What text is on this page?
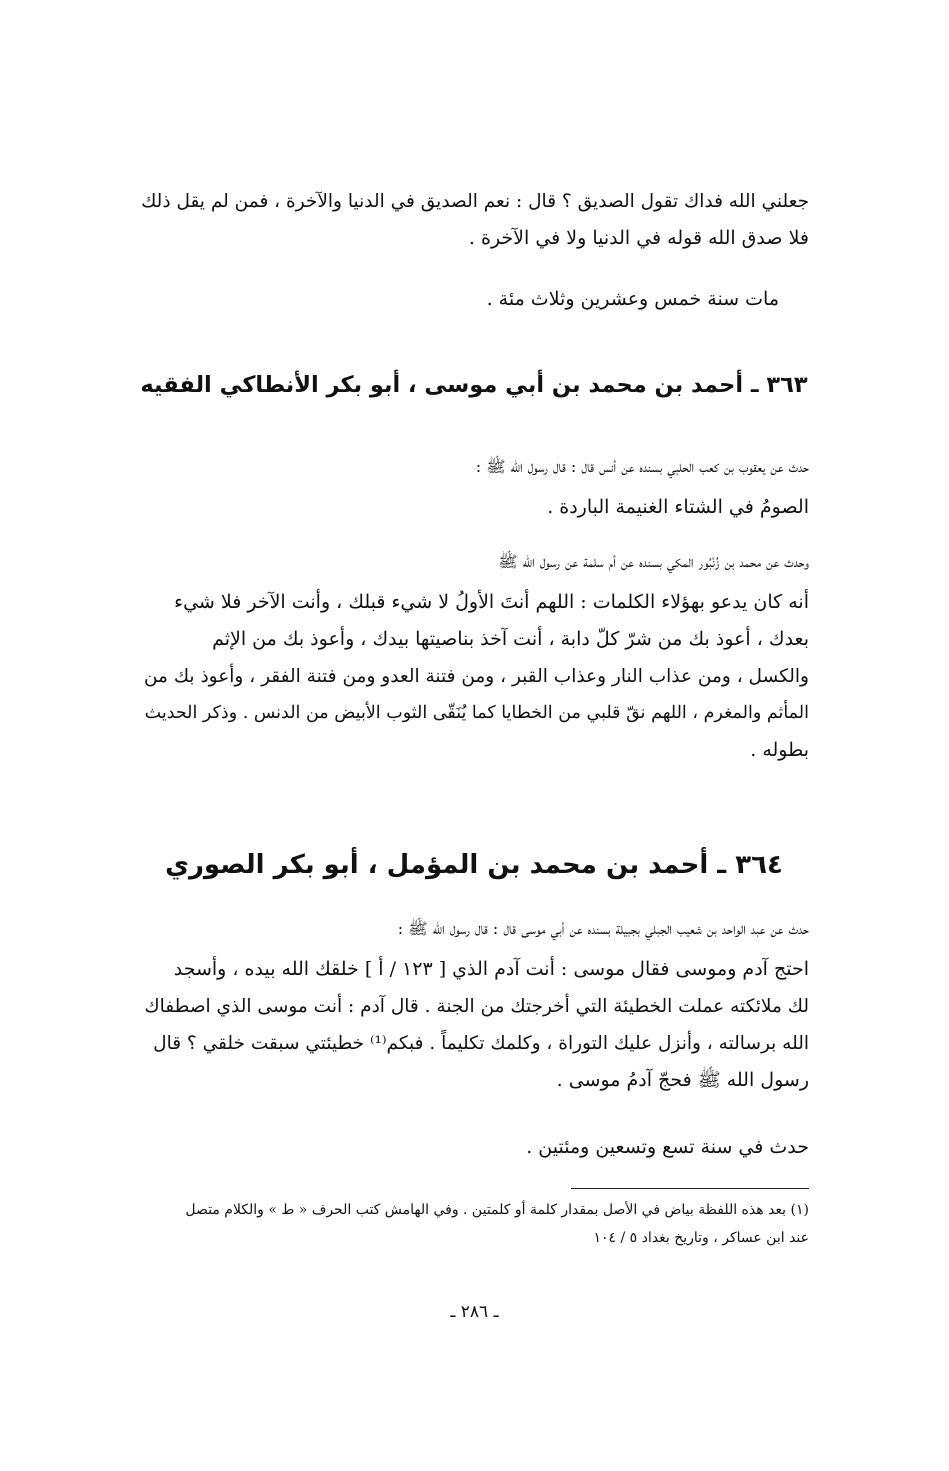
جعلني الله فداك تقول الصديق ؟ قال : نعم الصديق في الدنيا والآخرة ، فمن لم يقل ذلك

فلا صدق الله قوله في الدنيا ولا في الآخرة .

مات سنة خمس وعشرين وثلاث مئة .

٣٦٣ ـ أحمد بن محمد بن أبي موسى ، أبو بكر الأنطاكي الفقيه

حدث عن يعقوب بن كعب الحلبي بسنده عن أنس قال : قال رسول الله ﷺ :

الصومُ في الشتاء الغنيمة الباردة .

وحدث عن محمد بن زُنْبُور المكي بسنده عن أم سلمة عن رسول الله ﷺ

أنه كان يدعو بهؤلاء الكلمات : اللهم أنتَ الأولُ لا شيء قبلك ، وأنت الآخر فلا شيء

بعدك ، أعوذ بك من شرّ كلّ دابة ، أنت آخذ بناصيتها بيدك ، وأعوذ بك من الإثم

والكسل ، ومن عذاب النار وعذاب القبر ، ومن فتنة العدو ومن فتنة الفقر ، وأعوذ بك من

المأثم والمغرم ، اللهم نقّ قلبي من الخطايا كما يُنَقّى الثوب الأبيض من الدنس . وذكر الحديث

بطوله .

٣٦٤ ـ أحمد بن محمد بن المؤمل ، أبو بكر الصوري

حدث عن عبد الواحد بن شعيب الجبلي بجبيلة بسنده عن أبي موسى قال : قال رسول الله ﷺ :

احتج آدم وموسى فقال موسى : أنت آدم الذي [ ١٢٣ / أ ] خلقك الله بيده ، وأسجد

لك ملائكته عملت الخطيئة التي أخرجتك من الجنة . قال آدم : أنت موسى الذي اصطفاك

الله برسالته ، وأنزل عليك التوراة ، وكلمك تكليماً . فبكم⁽¹⁾ خطيئتي سبقت خلقي ؟ قال

رسول الله ﷺ فحجّ آدمُ موسى .

حدث في سنة تسع وتسعين ومئتين .

(١) بعد هذه اللفظة بياض في الأصل بمقدار كلمة أو كلمتين . وفي الهامش كتب الحرف « ط » والكلام متصل

عند ابن عساكر ، وتاريخ بغداد ٥ / ١٠٤

ـ ٢٨٦ ـ
